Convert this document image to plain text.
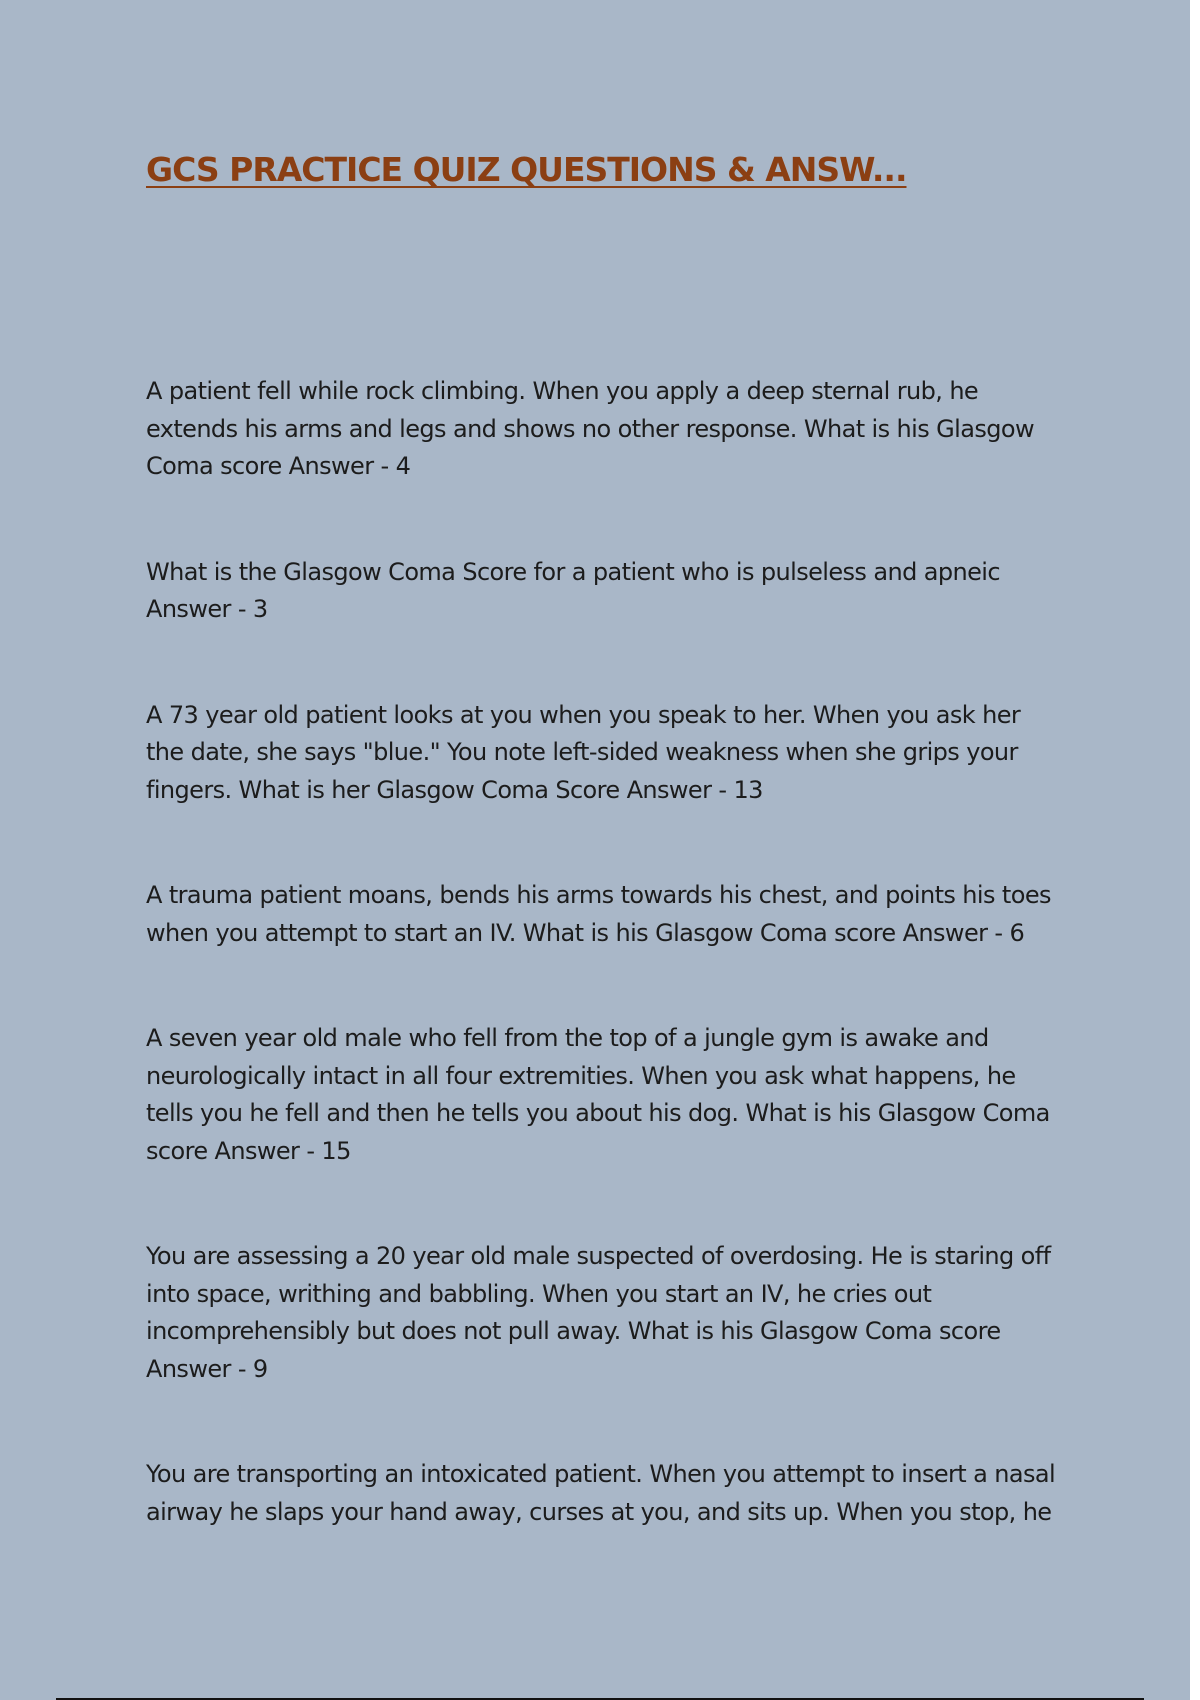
GCS PRACTICE QUIZ QUESTIONS & ANSW...

A patient fell while rock climbing. When you apply a deep sternal rub, he
extends his arms and legs and shows no other response. What is his Glasgow
Coma score Answer - 4

What is the Glasgow Coma Score for a patient who is pulseless and apneic
Answer - 3

A 73 year old patient looks at you when you speak to her. When you ask her
the date, she says "blue." You note left-sided weakness when she grips your
fingers. What is her Glasgow Coma Score Answer - 13

A trauma patient moans, bends his arms towards his chest, and points his toes
when you attempt to start an IV. What is his Glasgow Coma score Answer - 6

A seven year old male who fell from the top of a jungle gym is awake and
neurologically intact in all four extremities. When you ask what happens, he
tells you he fell and then he tells you about his dog. What is his Glasgow Coma
score Answer - 15

You are assessing a 20 year old male suspected of overdosing. He is staring off
into space, writhing and babbling. When you start an IV, he cries out
incomprehensibly but does not pull away. What is his Glasgow Coma score
Answer - 9

You are transporting an intoxicated patient. When you attempt to insert a nasal
airway he slaps your hand away, curses at you, and sits up. When you stop, he
